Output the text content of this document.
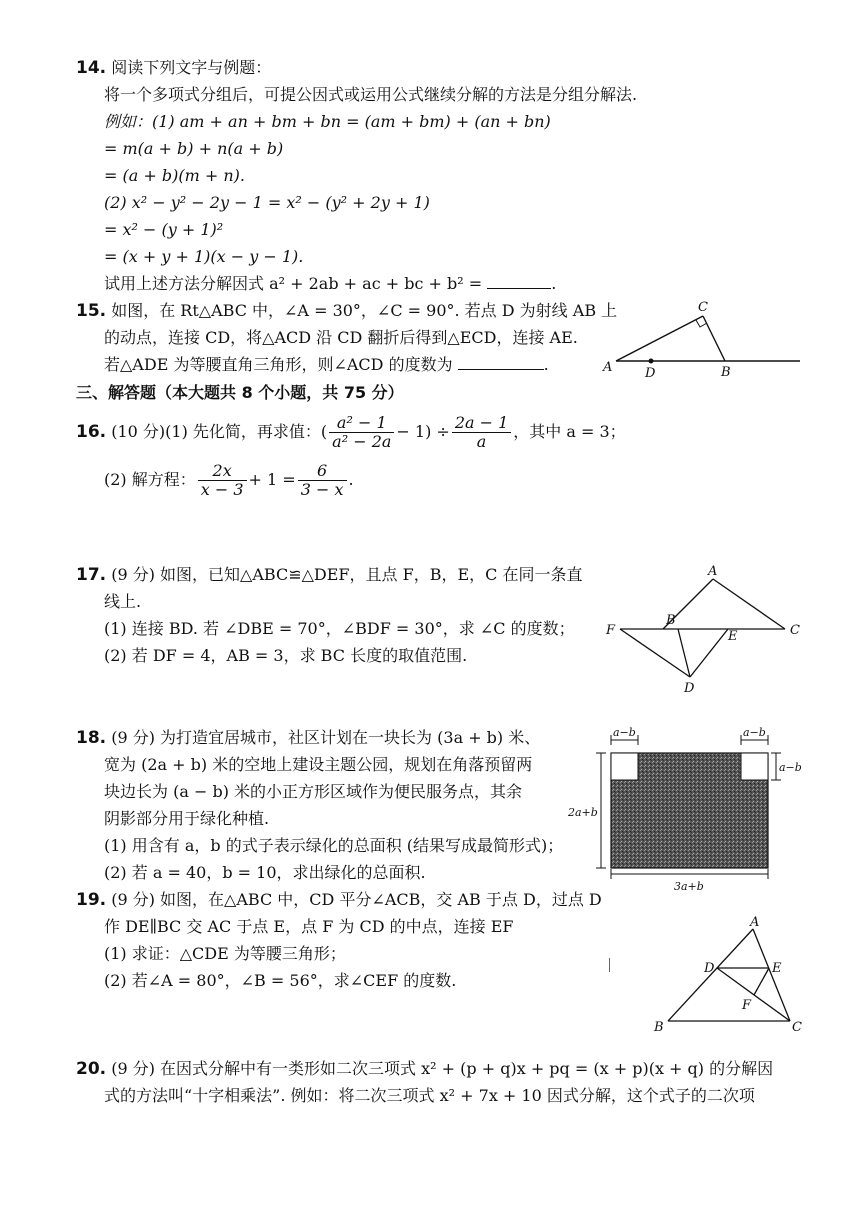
14. 阅读下列文字与例题：
将一个多项式分组后，可提公因式或运用公式继续分解的方法是分组分解法.
例如：(1) am + an + bm + bn = (am + bm) + (an + bn)
= m(a + b) + n(a + b)
= (a + b)(m + n).
(2) x² − y² − 2y − 1 = x² − (y² + 2y + 1)
= x² − (y + 1)²
= (x + y + 1)(x − y − 1).
试用上述方法分解因式 a² + 2ab + ac + bc + b² =	.
15. 如图，在 Rt△ABC 中，∠A = 30°，∠C = 90°. 若点 D 为射线 AB 上
的动点，连接 CD，将△ACD 沿 CD 翻折后得到△ECD，连接 AE.
若△ADE 为等腰直角三角形，则∠ACD 的度数为	.	A	D	B
C
三、解答题（本大题共 8 个小题，共 75 分）
16.
(10 分)(1) 先化简，再求值：( $\frac{\text{a² − 1}}{\text{a² − 2a}} - 1) \div \frac{2a - 1}{a}$ ，其中 a = 3；
(2) 解方程： $\frac{2x}{x - 3} + 1 = \frac{6}{3 - x}$ .
17. (9 分) 如图，已知△ABC≌△DEF，且点 F，B，E，C 在同一条直
线上.
(1) 连接 BD. 若 ∠DBE = 70°，∠BDF = 30°，求 ∠C 的度数；
(2) 若 DF = 4，AB = 3，求 BC 长度的取值范围.
A
B
C
D
E
F
18. (9 分) 为打造宜居城市，社区计划在一块长为 (3a + b) 米、
宽为 (2a + b) 米的空地上建设主题公园，规划在角落预留两
块边长为 (a − b) 米的小正方形区域作为便民服务点，其余
阴影部分用于绿化种植.
(1) 用含有 a，b 的式子表示绿化的总面积 (结果写成最简形式)；
(2) 若 a = 40，b = 10，求出绿化的总面积.
a−b	a−b
a−b
2a+b
3a+b
19. (9 分) 如图，在△ABC 中，CD 平分∠ACB，交 AB 于点 D，过点 D
作 DE∥BC 交 AC 于点 E，点 F 为 CD 的中点，连接 EF
(1) 求证：△CDE 为等腰三角形；
(2) 若∠A = 80°，∠B = 56°，求∠CEF 的度数.
A
B	C
D	E
F
20. (9 分) 在因式分解中有一类形如二次三项式 x² + (p + q)x + pq = (x + p)(x + q) 的分解因
式的方法叫“十字相乘法”. 例如：将二次三项式 x² + 7x + 10 因式分解，这个式子的二次项
